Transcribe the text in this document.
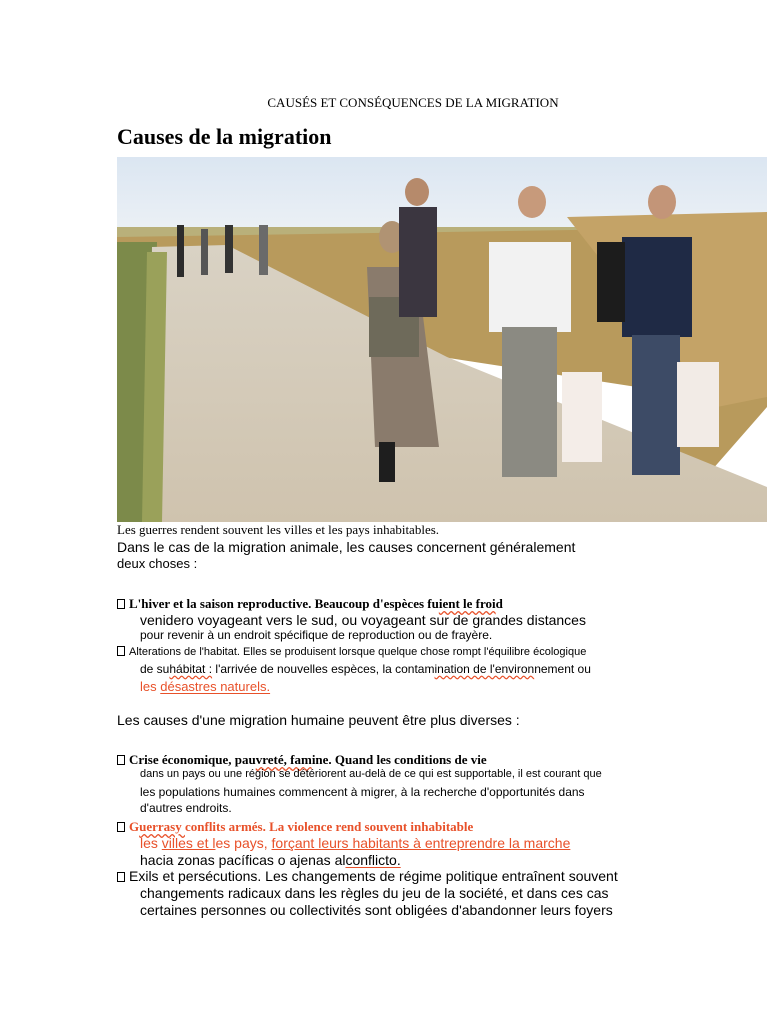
CAUSÉS ET CONSÉQUENCES DE LA MIGRATION
Causes de la migration
Les guerres rendent souvent les villes et les pays inhabitables.
Dans le cas de la migration animale, les causes concernent généralement
deux choses :
L'hiver et la saison reproductive. Beaucoup d'espèces fuient le froid
venidero voyageant vers le sud, ou voyageant sur de grandes distances
pour revenir à un endroit spécifique de reproduction ou de frayère.
Alterations de l'habitat. Elles se produisent lorsque quelque chose rompt l'équilibre écologique
de suhábitat : l'arrivée de nouvelles espèces, la contamination de l'environnement ou
les désastres naturels.
Les causes d'une migration humaine peuvent être plus diverses :
Crise économique, pauvreté, famine. Quand les conditions de vie
dans un pays ou une région se détériorent au-delà de ce qui est supportable, il est courant que
les populations humaines commencent à migrer, à la recherche d'opportunités dans
d'autres endroits.
Guerrasy conflits armés. La violence rend souvent inhabitable
les villes et les pays, forçant leurs habitants à entreprendre la marche
hacia zonas pacíficas o ajenas alconflicto.
Exils et persécutions. Les changements de régime politique entraînent souvent
changements radicaux dans les règles du jeu de la société, et dans ces cas
certaines personnes ou collectivités sont obligées d'abandonner leurs foyers
